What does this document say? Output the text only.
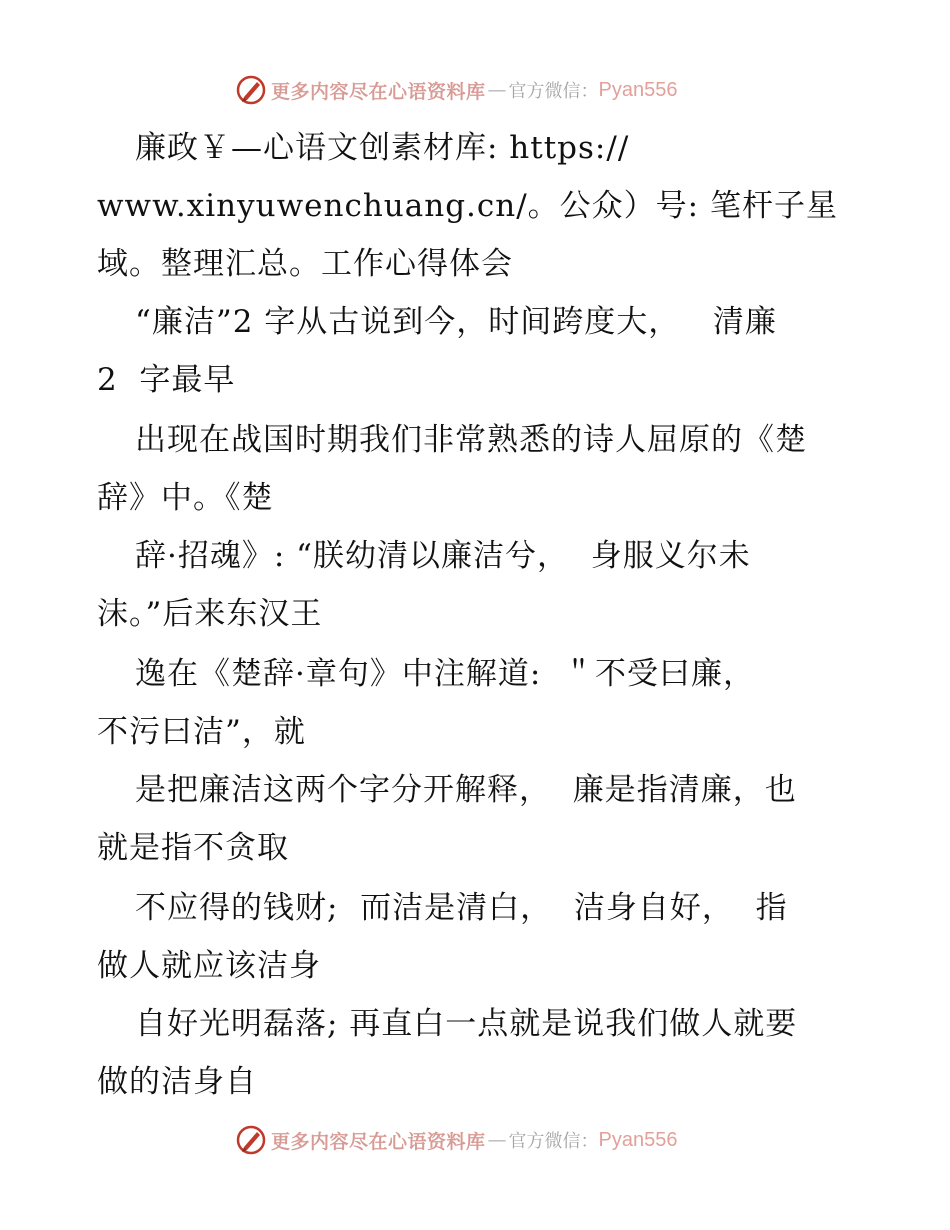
更多内容尽在心语资料库 — 官方微信： Pyan556
廉政￥—心语文创素材库: https://
www.xinyuwenchuang.cn/。公众）号: 笔杆子星
域。整理汇总。工作心得体会
“廉洁”2 字从古说到今，时间跨度大，   清廉
2  字最早
出现在战国时期我们非常熟悉的诗人屈原的《楚
辞》中。《楚
辞·招魂》: “朕幼清以廉洁兮，  身服义尔未
沫。”后来东汉王
逸在《楚辞·章句》中注解道:  ＂不受曰廉，
不污曰洁”，就
是把廉洁这两个字分开解释，  廉是指清廉，也
就是指不贪取
不应得的钱财;  而洁是清白，  洁身自好，  指
做人就应该洁身
自好光明磊落; 再直白一点就是说我们做人就要
做的洁身自
更多内容尽在心语资料库 — 官方微信： Pyan556
